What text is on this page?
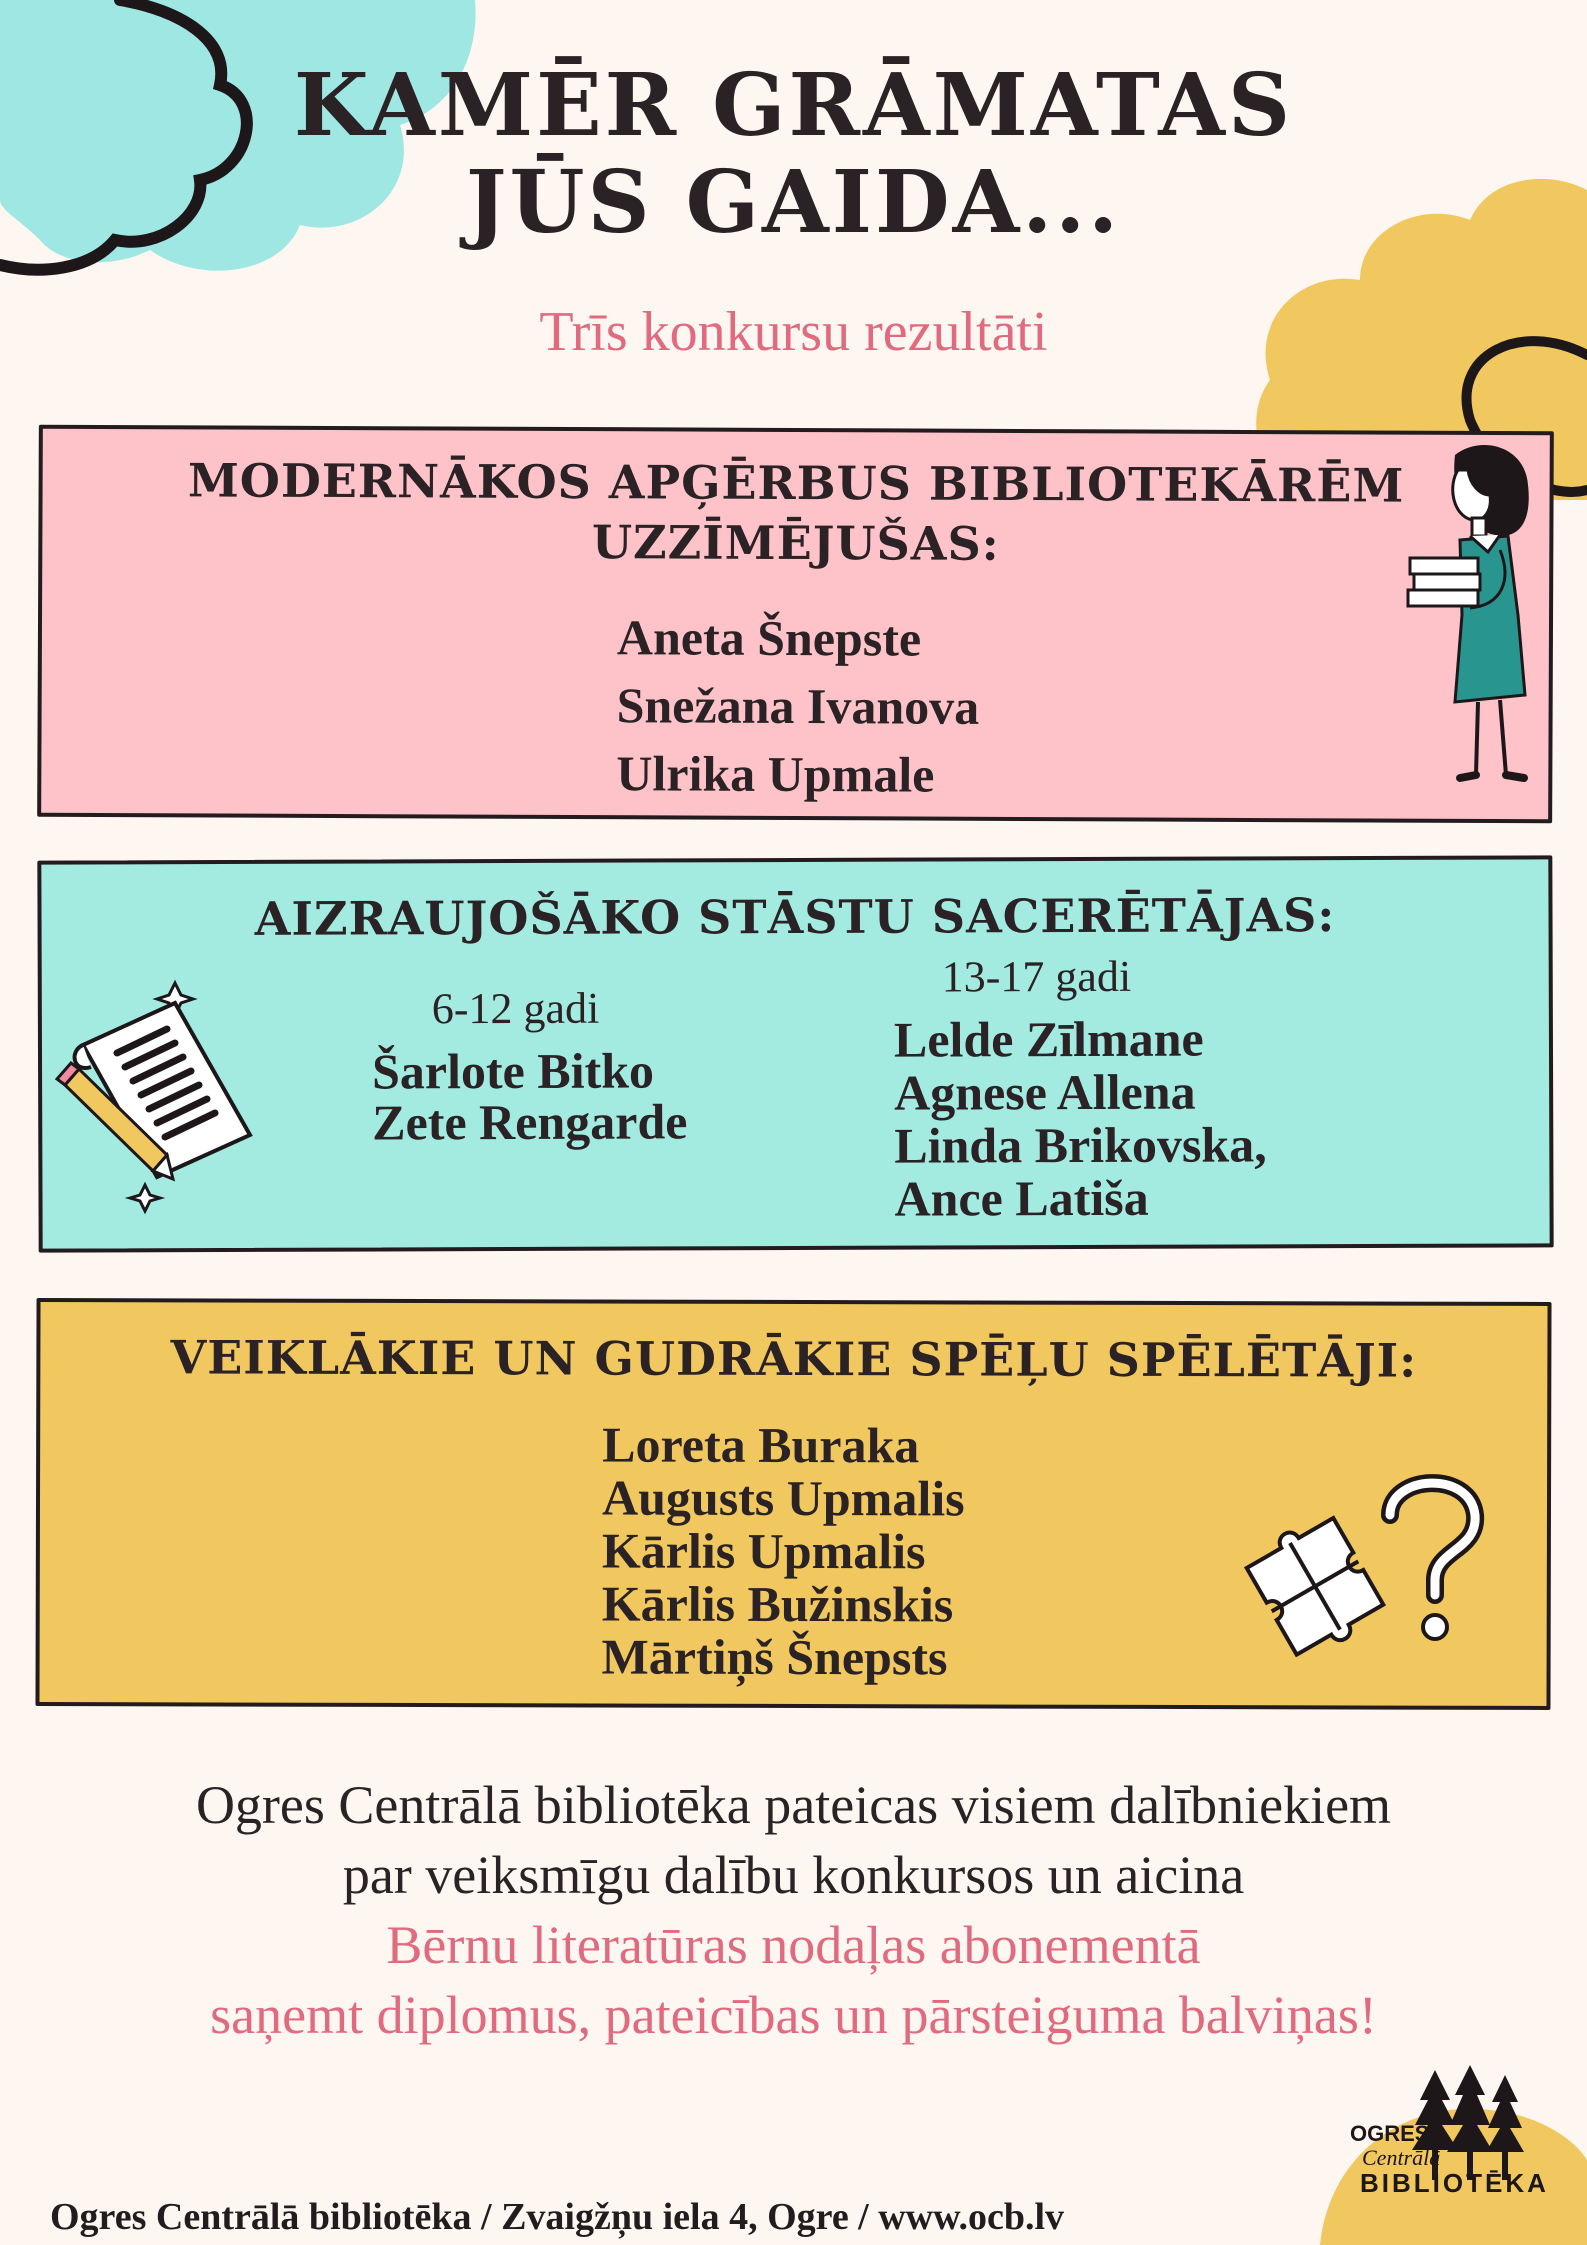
KAMĒR GRĀMATAS
JŪS GAIDA...
Trīs konkursu rezultāti
MODERNĀKOS APĢĒRBUS BIBLIOTEKĀRĒM
UZZĪMĒJUŠAS:
Aneta Šnepste
Snežana Ivanova
Ulrika Upmale
AIZRAUJOŠĀKO STĀSTU SACERĒTĀJAS:
6-12 gadi
Šarlote Bitko
Zete Rengarde
13-17 gadi
Lelde Zīlmane
Agnese Allena
Linda Brikovska,
Ance Latiša
VEIKLĀKIE UN GUDRĀKIE SPĒĻU SPĒLĒTĀJI:
Loreta Buraka
Augusts Upmalis
Kārlis Upmalis
Kārlis Bužinskis
Mārtiņš Šnepsts
Ogres Centrālā bibliotēka pateicas visiem dalībniekiem
par veiksmīgu dalību konkursos un aicina
Bērnu literatūras nodaļas abonementā
saņemt diplomus, pateicības un pārsteiguma balviņas!
OGRES
Centrālā
BIBLIOTĒKA
Ogres Centrālā bibliotēka / Zvaigžņu iela 4, Ogre / www.ocb.lv
